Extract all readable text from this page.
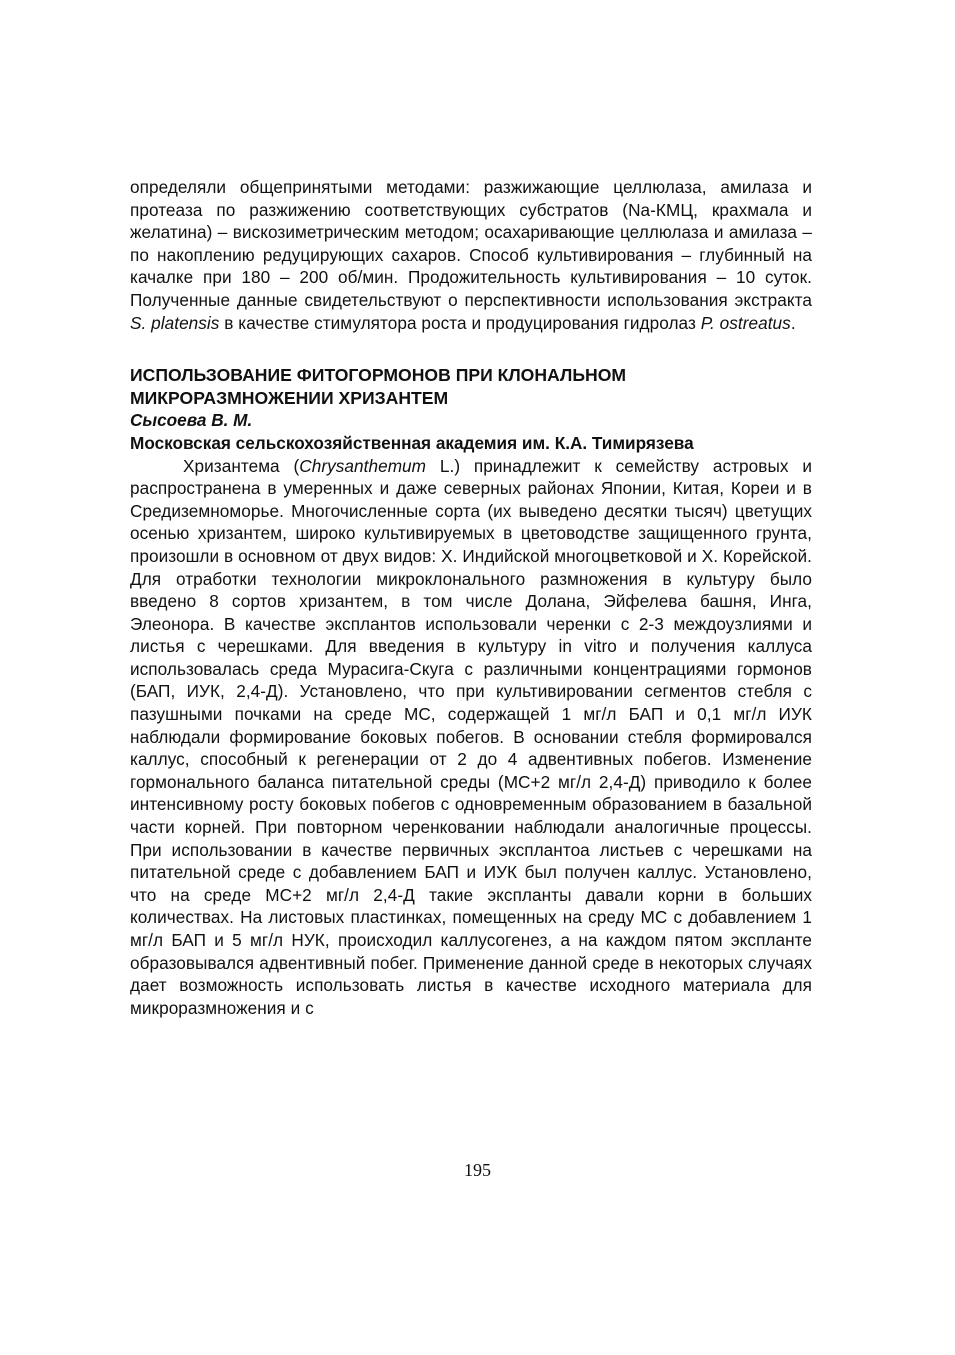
определяли общепринятыми методами: разжижающие целлюлаза, амилаза и протеаза по разжижению соответствующих субстратов (Na-КМЦ, крахмала и желатина) – вискозиметрическим методом; осахаривающие целлюлаза и амилаза – по накоплению редуцирующих сахаров. Способ культивирования – глубинный на качалке при 180 – 200 об/мин. Продожительность культивирования – 10 суток. Полученные данные свидетельствуют о перспективности использования экстракта S. platensis в качестве стимулятора роста и продуцирования гидролаз P. ostreatus.

ИСПОЛЬЗОВАНИЕ ФИТОГОРМОНОВ ПРИ КЛОНАЛЬНОМ МИКРОРАЗМНОЖЕНИИ ХРИЗАНТЕМ

Сысоева В. М.

Московская сельскохозяйственная академия им. К.А. Тимирязева

Хризантема (Chrysanthemum L.) принадлежит к семейству астровых и распространена в умеренных и даже северных районах Японии, Китая, Кореи и в Средиземноморье. Многочисленные сорта (их выведено десятки тысяч) цветущих осенью хризантем, широко культивируемых в цветоводстве защищенного грунта, произошли в основном от двух видов: Х. Индийской многоцветковой и Х. Корейской. Для отработки технологии микроклонального размножения в культуру было введено 8 сортов хризантем, в том числе Долана, Эйфелева башня, Инга, Элеонора. В качестве эксплантов использовали черенки с 2-3 междоузлиями и листья с черешками. Для введения в культуру in vitro и получения каллуса использовалась среда Мурасига-Скуга с различными концентрациями гормонов (БАП, ИУК, 2,4-Д). Установлено, что при культивировании сегментов стебля с пазушными почками на среде МС, содержащей 1 мг/л БАП и 0,1 мг/л ИУК наблюдали формирование боковых побегов. В основании стебля формировался каллус, способный к регенерации от 2 до 4 адвентивных побегов. Изменение гормонального баланса питательной среды (МС+2 мг/л 2,4-Д) приводило к более интенсивному росту боковых побегов с одновременным образованием в базальной части корней. При повторном черенковании наблюдали аналогичные процессы. При использовании в качестве первичных эксплантоа листьев с черешками на питательной среде с добавлением БАП и ИУК был получен каллус. Установлено, что на среде МС+2 мг/л 2,4-Д такие экспланты давали корни в больших количествах. На листовых пластинках, помещенных на среду МС с добавлением 1 мг/л БАП и 5 мг/л НУК, происходил каллусогенез, а на каждом пятом экспланте образовывался адвентивный побег. Применение данной среде в некоторых случаях дает возможность использовать листья в качестве исходного материала для микроразмножения и с

195
